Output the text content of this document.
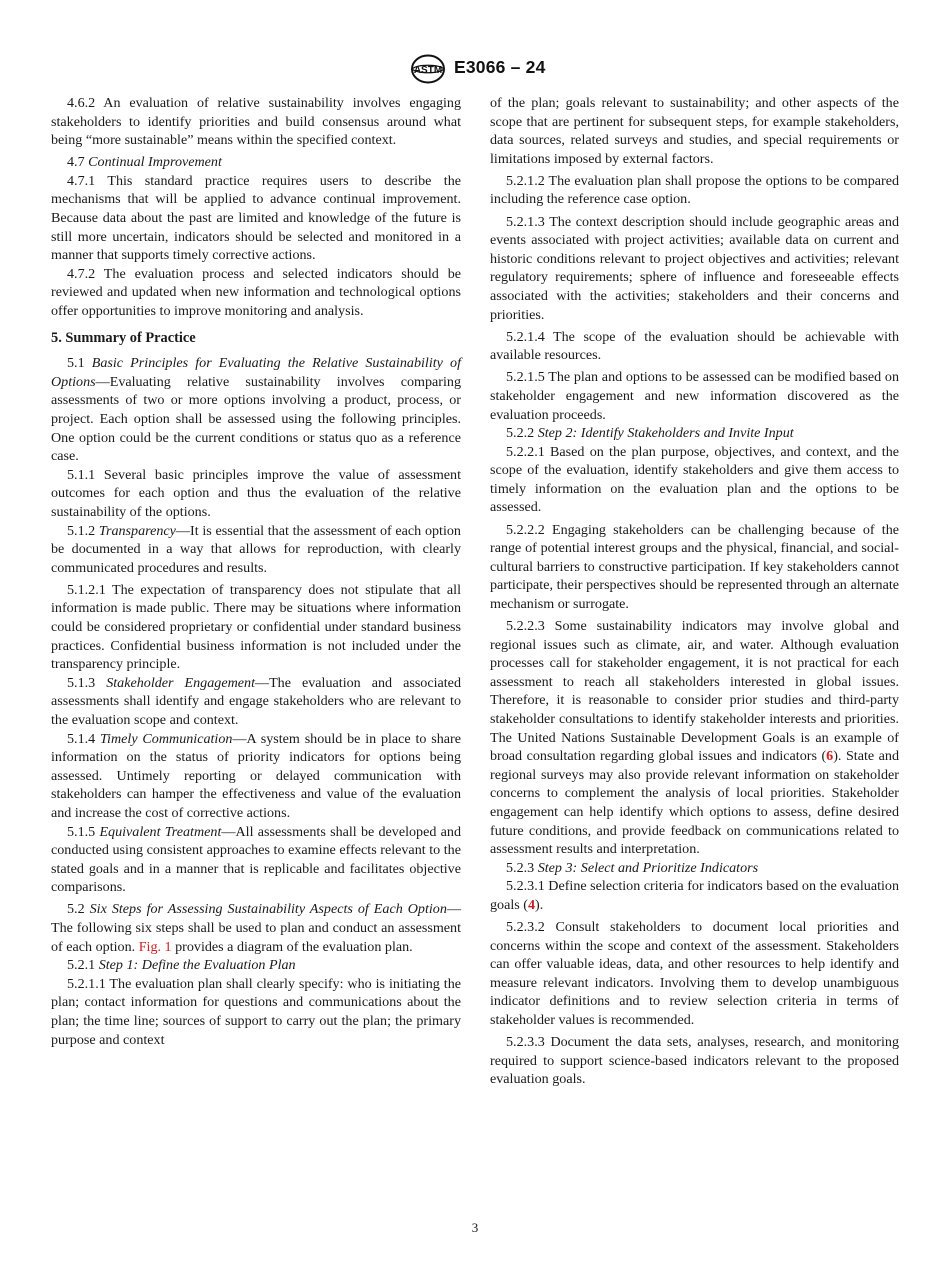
ASTM E3066 – 24

4.6.2 An evaluation of relative sustainability involves engaging stakeholders to identify priorities and build consensus around what being “more sustainable” means within the specified context.

4.7 Continual Improvement

4.7.1 This standard practice requires users to describe the mechanisms that will be applied to advance continual improvement. Because data about the past are limited and knowledge of the future is still more uncertain, indicators should be selected and monitored in a manner that supports timely corrective actions.

4.7.2 The evaluation process and selected indicators should be reviewed and updated when new information and technological options offer opportunities to improve monitoring and analysis.

5. Summary of Practice

5.1 Basic Principles for Evaluating the Relative Sustainability of Options—Evaluating relative sustainability involves comparing assessments of two or more options involving a product, process, or project. Each option shall be assessed using the following principles. One option could be the current conditions or status quo as a reference case.

5.1.1 Several basic principles improve the value of assessment outcomes for each option and thus the evaluation of the relative sustainability of the options.

5.1.2 Transparency—It is essential that the assessment of each option be documented in a way that allows for reproduction, with clearly communicated procedures and results.

5.1.2.1 The expectation of transparency does not stipulate that all information is made public. There may be situations where information could be considered proprietary or confidential under standard business practices. Confidential business information is not included under the transparency principle.

5.1.3 Stakeholder Engagement—The evaluation and associated assessments shall identify and engage stakeholders who are relevant to the evaluation scope and context.

5.1.4 Timely Communication—A system should be in place to share information on the status of priority indicators for options being assessed. Untimely reporting or delayed communication with stakeholders can hamper the effectiveness and value of the evaluation and increase the cost of corrective actions.

5.1.5 Equivalent Treatment—All assessments shall be developed and conducted using consistent approaches to examine effects relevant to the stated goals and in a manner that is replicable and facilitates objective comparisons.

5.2 Six Steps for Assessing Sustainability Aspects of Each Option—The following six steps shall be used to plan and conduct an assessment of each option. Fig. 1 provides a diagram of the evaluation plan.

5.2.1 Step 1: Define the Evaluation Plan

5.2.1.1 The evaluation plan shall clearly specify: who is initiating the plan; contact information for questions and communications about the plan; the time line; sources of support to carry out the plan; the primary purpose and context

of the plan; goals relevant to sustainability; and other aspects of the scope that are pertinent for subsequent steps, for example stakeholders, data sources, related surveys and studies, and special requirements or limitations imposed by external factors.

5.2.1.2 The evaluation plan shall propose the options to be compared including the reference case option.

5.2.1.3 The context description should include geographic areas and events associated with project activities; available data on current and historic conditions relevant to project objectives and activities; relevant regulatory requirements; sphere of influence and foreseeable effects associated with the activities; stakeholders and their concerns and priorities.

5.2.1.4 The scope of the evaluation should be achievable with available resources.

5.2.1.5 The plan and options to be assessed can be modified based on stakeholder engagement and new information discovered as the evaluation proceeds.

5.2.2 Step 2: Identify Stakeholders and Invite Input

5.2.2.1 Based on the plan purpose, objectives, and context, and the scope of the evaluation, identify stakeholders and give them access to timely information on the evaluation plan and the options to be assessed.

5.2.2.2 Engaging stakeholders can be challenging because of the range of potential interest groups and the physical, financial, and social-cultural barriers to constructive participation. If key stakeholders cannot participate, their perspectives should be represented through an alternate mechanism or surrogate.

5.2.2.3 Some sustainability indicators may involve global and regional issues such as climate, air, and water. Although evaluation processes call for stakeholder engagement, it is not practical for each assessment to reach all stakeholders interested in global issues. Therefore, it is reasonable to consider prior studies and third-party stakeholder consultations to identify stakeholder interests and priorities. The United Nations Sustainable Development Goals is an example of broad consultation regarding global issues and indicators (6). State and regional surveys may also provide relevant information on stakeholder concerns to complement the analysis of local priorities. Stakeholder engagement can help identify which options to assess, define desired future conditions, and provide feedback on communications related to assessment results and interpretation.

5.2.3 Step 3: Select and Prioritize Indicators

5.2.3.1 Define selection criteria for indicators based on the evaluation goals (4).

5.2.3.2 Consult stakeholders to document local priorities and concerns within the scope and context of the assessment. Stakeholders can offer valuable ideas, data, and other resources to help identify and measure relevant indicators. Involving them to develop unambiguous indicator definitions and to review selection criteria in terms of stakeholder values is recommended.

5.2.3.3 Document the data sets, analyses, research, and monitoring required to support science-based indicators relevant to the proposed evaluation goals.

3
